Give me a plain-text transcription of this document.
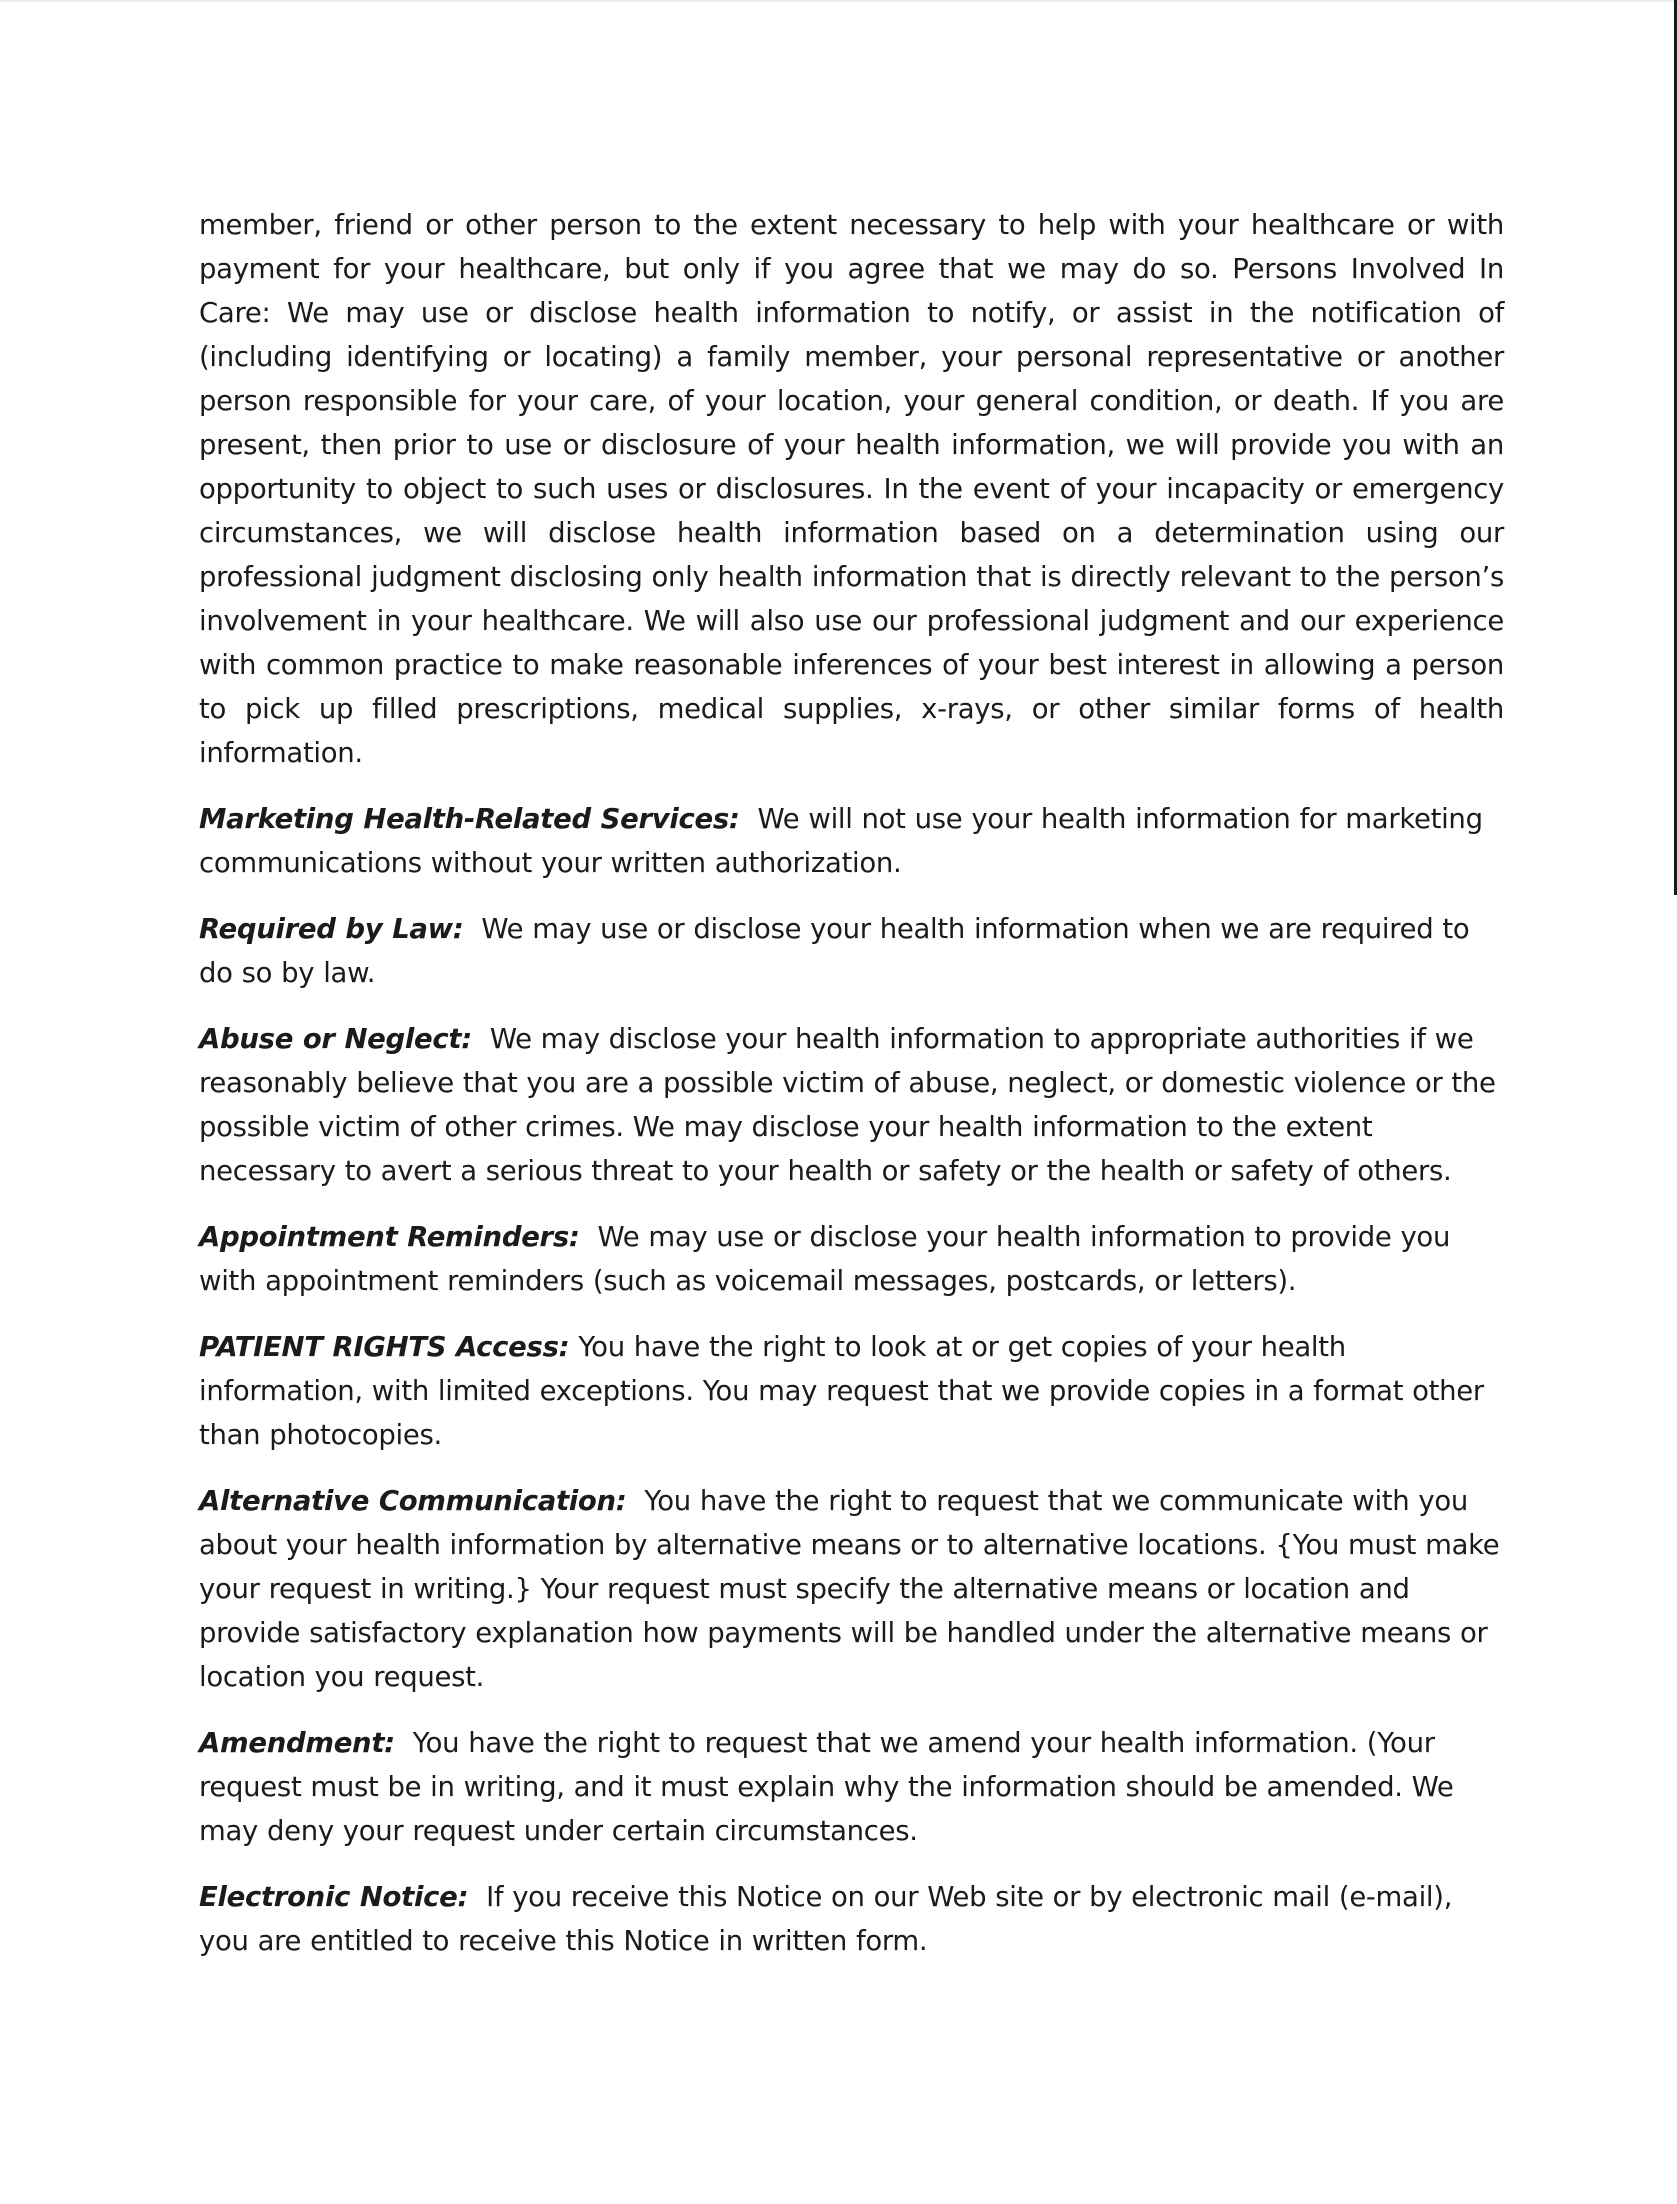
member, friend or other person to the extent necessary to help with your healthcare or with payment for your healthcare, but only if you agree that we may do so. Persons Involved In Care: We may use or disclose health information to notify, or assist in the notification of (including identifying or locating) a family member, your personal representative or another person responsible for your care, of your location, your general condition, or death. If you are present, then prior to use or disclosure of your health information, we will provide you with an opportunity to object to such uses or disclosures. In the event of your incapacity or emergency circumstances, we will disclose health information based on a determination using our professional judgment disclosing only health information that is directly relevant to the person’s involvement in your healthcare. We will also use our professional judgment and our experience with common practice to make reasonable inferences of your best interest in allowing a person to pick up filled prescriptions, medical supplies, x-rays, or other similar forms of health information.

Marketing Health-Related Services: We will not use your health information for marketing communications without your written authorization.

Required by Law: We may use or disclose your health information when we are required to do so by law.

Abuse or Neglect: We may disclose your health information to appropriate authorities if we reasonably believe that you are a possible victim of abuse, neglect, or domestic violence or the possible victim of other crimes. We may disclose your health information to the extent necessary to avert a serious threat to your health or safety or the health or safety of others.

Appointment Reminders: We may use or disclose your health information to provide you with appointment reminders (such as voicemail messages, postcards, or letters).

PATIENT RIGHTS Access: You have the right to look at or get copies of your health information, with limited exceptions. You may request that we provide copies in a format other than photocopies.

Alternative Communication: You have the right to request that we communicate with you about your health information by alternative means or to alternative locations. {You must make your request in writing.} Your request must specify the alternative means or location and provide satisfactory explanation how payments will be handled under the alternative means or location you request.

Amendment: You have the right to request that we amend your health information. (Your request must be in writing, and it must explain why the information should be amended. We may deny your request under certain circumstances.

Electronic Notice: If you receive this Notice on our Web site or by electronic mail (e-mail), you are entitled to receive this Notice in written form.
